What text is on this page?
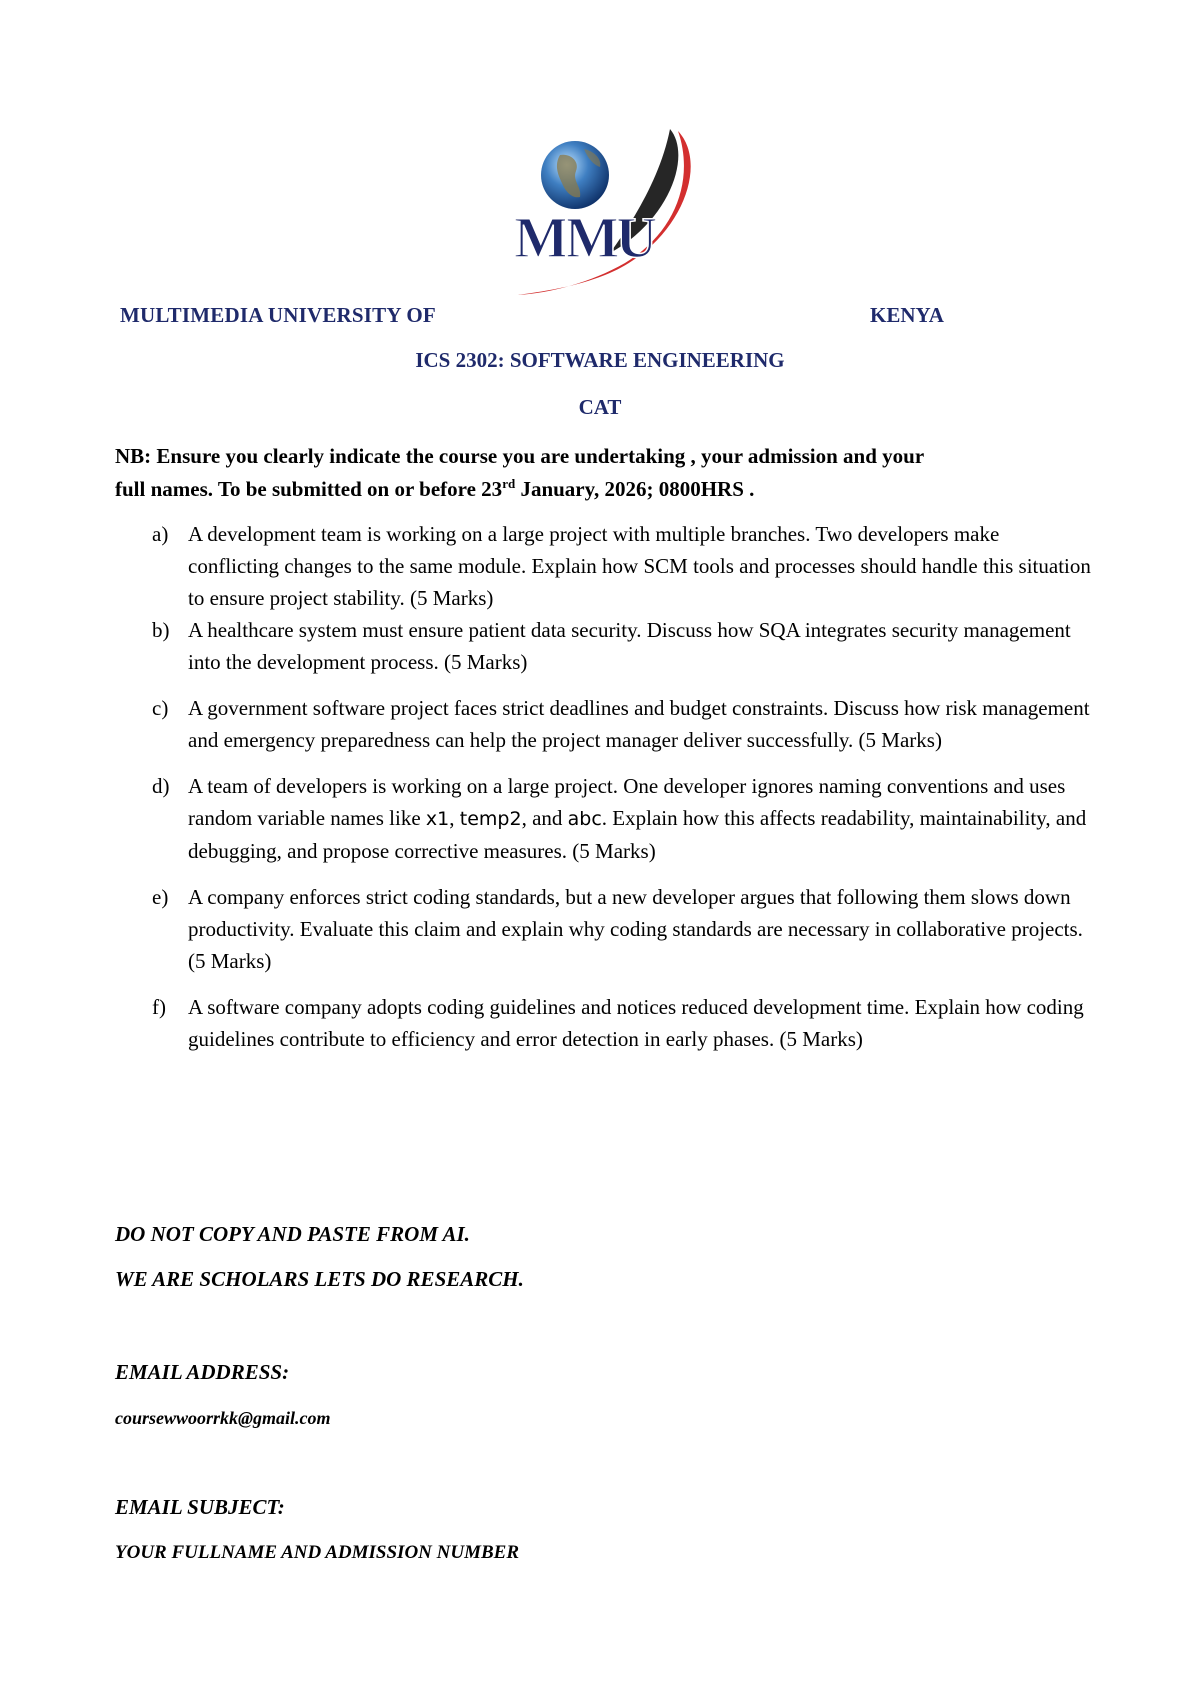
MMU
MULTIMEDIA UNIVERSITY OF	KENYA
ICS 2302: SOFTWARE ENGINEERING
CAT
NB: Ensure you clearly indicate the course you are undertaking , your admission and your
full names. To be submitted on or before 23rd January, 2026; 0800HRS .
a) A development team is working on a large project with multiple branches. Two developers make conflicting changes to the same module. Explain how SCM tools and processes should handle this situation to ensure project stability. (5 Marks)
b) A healthcare system must ensure patient data security. Discuss how SQA integrates security management into the development process. (5 Marks)
c) A government software project faces strict deadlines and budget constraints. Discuss how risk management and emergency preparedness can help the project manager deliver successfully. (5 Marks)
d) A team of developers is working on a large project. One developer ignores naming conventions and uses random variable names like x1, temp2, and abc. Explain how this affects readability, maintainability, and debugging, and propose corrective measures. (5 Marks)
e) A company enforces strict coding standards, but a new developer argues that following them slows down productivity. Evaluate this claim and explain why coding standards are necessary in collaborative projects. (5 Marks)
f) A software company adopts coding guidelines and notices reduced development time. Explain how coding guidelines contribute to efficiency and error detection in early phases. (5 Marks)
DO NOT COPY AND PASTE FROM AI.
WE ARE SCHOLARS LETS DO RESEARCH.
EMAIL ADDRESS:
coursewwoorrkk@gmail.com
EMAIL SUBJECT:
YOUR FULLNAME AND ADMISSION NUMBER
